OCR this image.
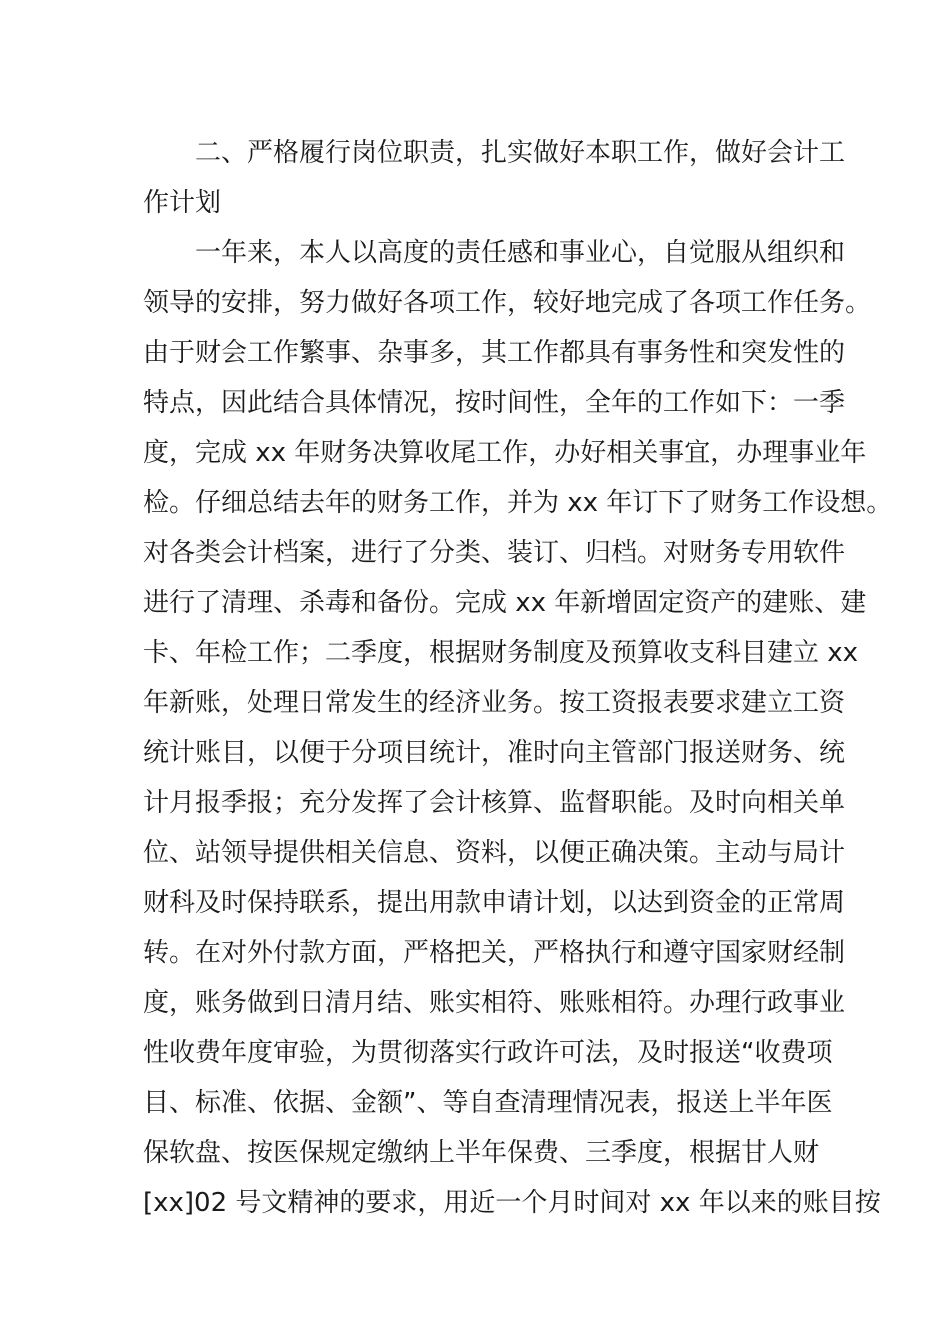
二、严格履行岗位职责，扎实做好本职工作，做好会计工
作计划
一年来，本人以高度的责任感和事业心，自觉服从组织和
领导的安排，努力做好各项工作，较好地完成了各项工作任务。
由于财会工作繁事、杂事多，其工作都具有事务性和突发性的
特点，因此结合具体情况，按时间性，全年的工作如下：一季
度，完成 xx 年财务决算收尾工作，办好相关事宜，办理事业年
检。仔细总结去年的财务工作，并为 xx 年订下了财务工作设想。
对各类会计档案，进行了分类、装订、归档。对财务专用软件
进行了清理、杀毒和备份。完成 xx 年新增固定资产的建账、建
卡、年检工作；二季度，根据财务制度及预算收支科目建立 xx
年新账，处理日常发生的经济业务。按工资报表要求建立工资
统计账目，以便于分项目统计，准时向主管部门报送财务、统
计月报季报；充分发挥了会计核算、监督职能。及时向相关单
位、站领导提供相关信息、资料，以便正确决策。主动与局计
财科及时保持联系，提出用款申请计划，以达到资金的正常周
转。在对外付款方面，严格把关，严格执行和遵守国家财经制
度，账务做到日清月结、账实相符、账账相符。办理行政事业
性收费年度审验，为贯彻落实行政许可法，及时报送“收费项
目、标准、依据、金额”、等自查清理情况表，报送上半年医
保软盘、按医保规定缴纳上半年保费、三季度，根据甘人财
[xx]02 号文精神的要求，用近一个月时间对 xx 年以来的账目按
